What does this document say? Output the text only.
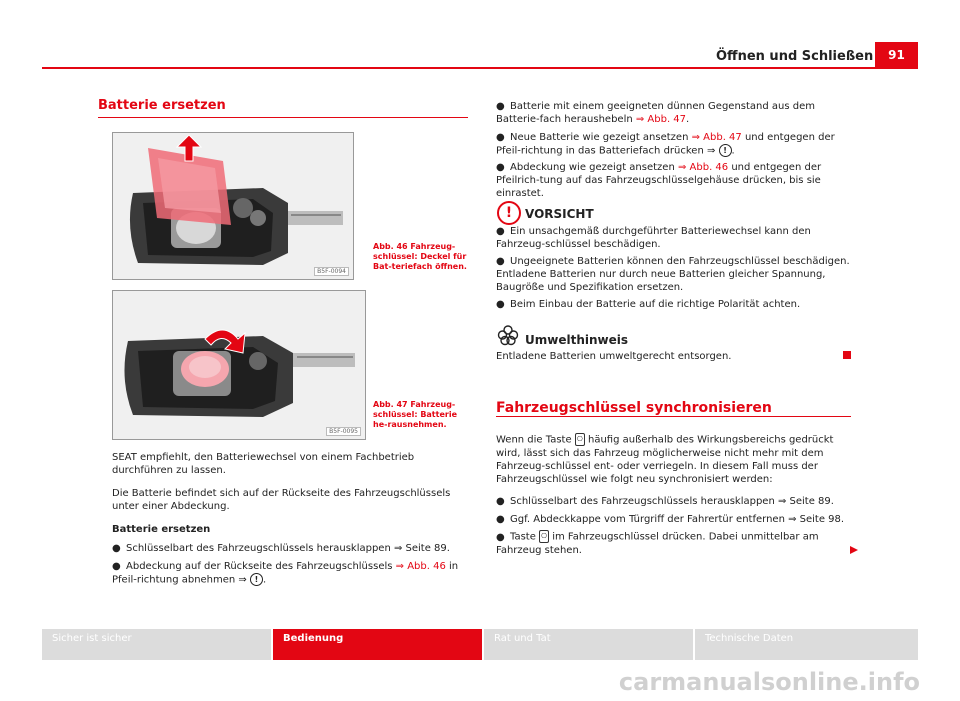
Öffnen und Schließen	91
Batterie ersetzen
B5F-0094
Abb. 46 Fahrzeug-schlüssel: Deckel für Bat-teriefach öffnen.
B5F-0095
Abb. 47 Fahrzeug-schlüssel: Batterie he-rausnehmen.
SEAT empfiehlt, den Batteriewechsel von einem Fachbetrieb durchführen zu lassen.
Die Batterie befindet sich auf der Rückseite des Fahrzeugschlüssels unter einer Abdeckung.
Batterie ersetzen
● Schlüsselbart des Fahrzeugschlüssels herausklappen ⇒ Seite 89.
● Abdeckung auf der Rückseite des Fahrzeugschlüssels ⇒ Abb. 46 in Pfeil-richtung abnehmen ⇒ ! .
● Batterie mit einem geeigneten dünnen Gegenstand aus dem Batterie-fach heraushebeln ⇒ Abb. 47.
● Neue Batterie wie gezeigt ansetzen ⇒ Abb. 47 und entgegen der Pfeil-richtung in das Batteriefach drücken ⇒ ! .
● Abdeckung wie gezeigt ansetzen ⇒ Abb. 46 und entgegen der Pfeilrich-tung auf das Fahrzeugschlüsselgehäuse drücken, bis sie einrastet.
!	VORSICHT
● Ein unsachgemäß durchgeführter Batteriewechsel kann den Fahrzeug-schlüssel beschädigen.
● Ungeeignete Batterien können den Fahrzeugschlüssel beschädigen. Entladene Batterien nur durch neue Batterien gleicher Spannung, Baugröße und Spezifikation ersetzen.
● Beim Einbau der Batterie auf die richtige Polarität achten.
Umwelthinweis
Entladene Batterien umweltgerecht entsorgen.
Fahrzeugschlüssel synchronisieren
Wenn die Taste ⎔ häufig außerhalb des Wirkungsbereichs gedrückt wird, lässt sich das Fahrzeug möglicherweise nicht mehr mit dem Fahrzeug-schlüssel ent- oder verriegeln. In diesem Fall muss der Fahrzeugschlüssel wie folgt neu synchronisiert werden:
● Schlüsselbart des Fahrzeugschlüssels herausklappen ⇒ Seite 89.
● Ggf. Abdeckkappe vom Türgriff der Fahrertür entfernen ⇒ Seite 98.
● Taste ⎔ im Fahrzeugschlüssel drücken. Dabei unmittelbar am Fahrzeug stehen.
Sicher ist sicher	Bedienung	Rat und Tat	Technische Daten
carmanualsonline.info
